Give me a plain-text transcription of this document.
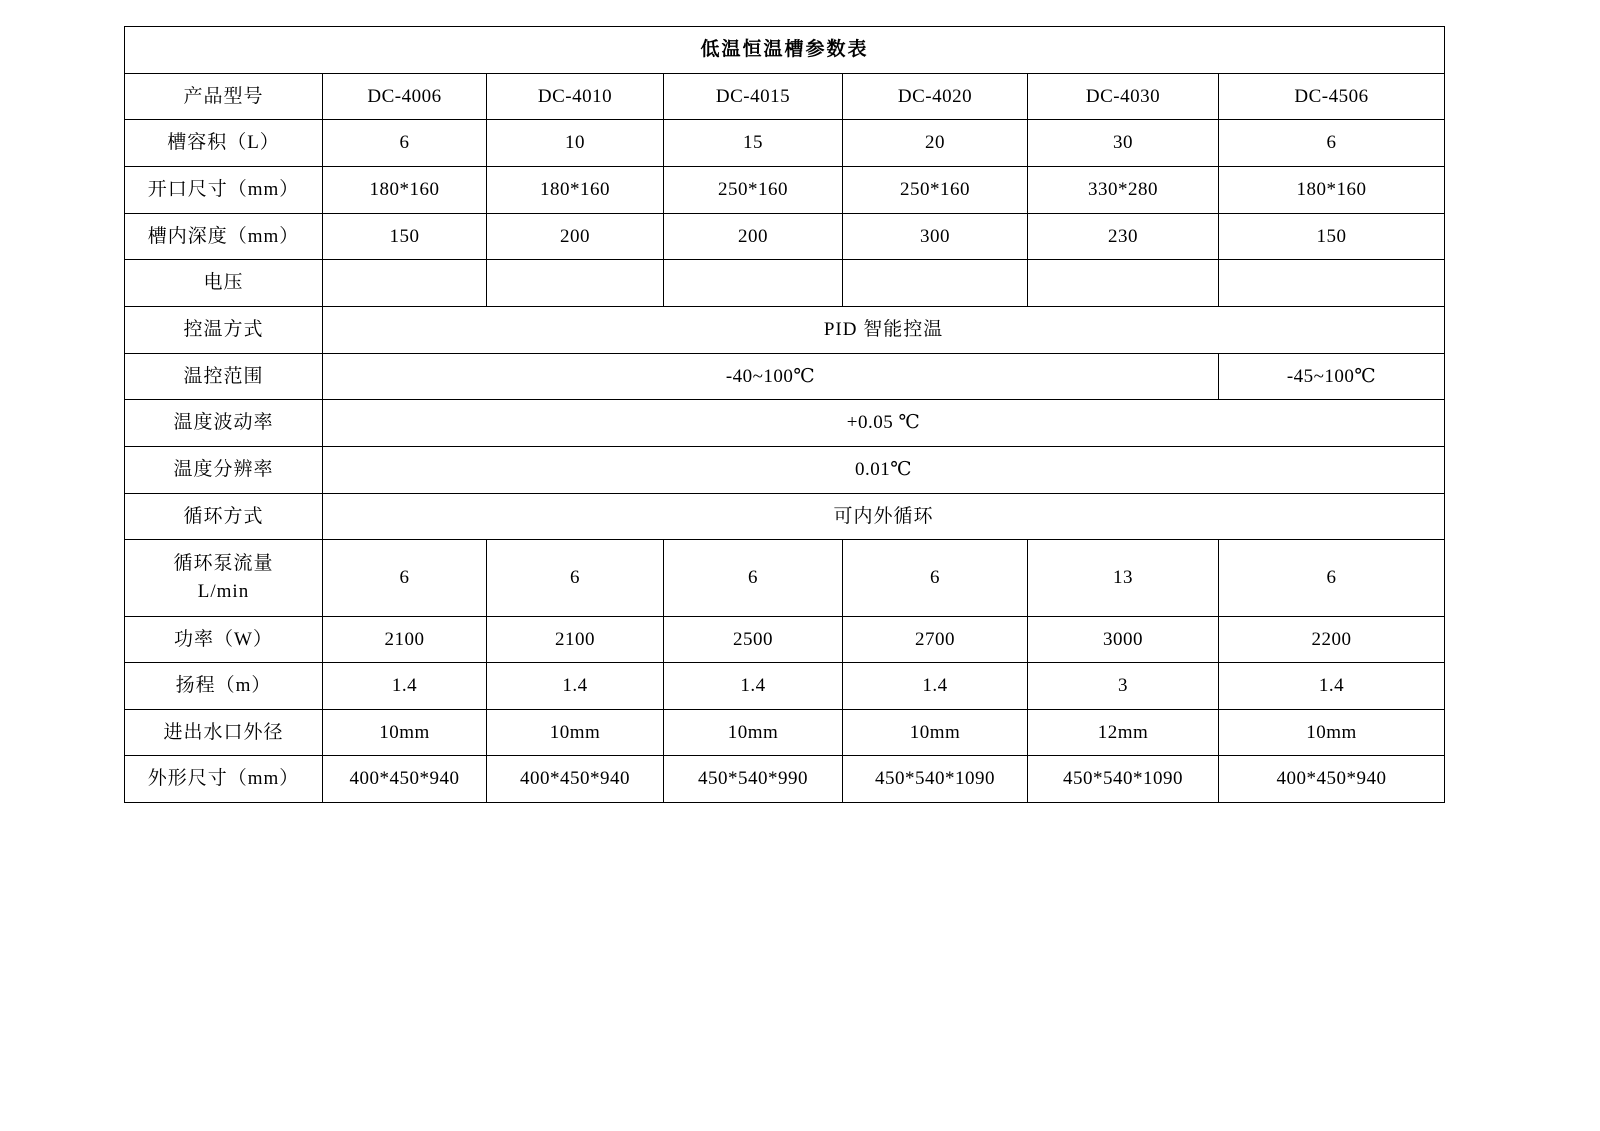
低温恒温槽参数表						
产品型号	DC-4006	DC-4010	DC-4015	DC-4020	DC-4030	DC-4506
槽容积（L）	6	10	15	20	30	6
开口尺寸（mm）	180*160	180*160	250*160	250*160	330*280	180*160
槽内深度（mm）	150	200	200	300	230	150
电压						
控温方式	PID 智能控温					
温控范围	-40~100℃					-45~100℃
温度波动率	+0.05 ℃					
温度分辨率	0.01℃					
循环方式	可内外循环					

循环泵流量
L/min	6	6	6	6	13	6
功率（W）	2100	2100	2500	2700	3000	2200
扬程（m）	1.4	1.4	1.4	1.4	3	1.4
进出水口外径	10mm	10mm	10mm	10mm	12mm	10mm
外形尺寸（mm）	400*450*940	400*450*940	450*540*990	450*540*1090	450*540*1090	400*450*940
